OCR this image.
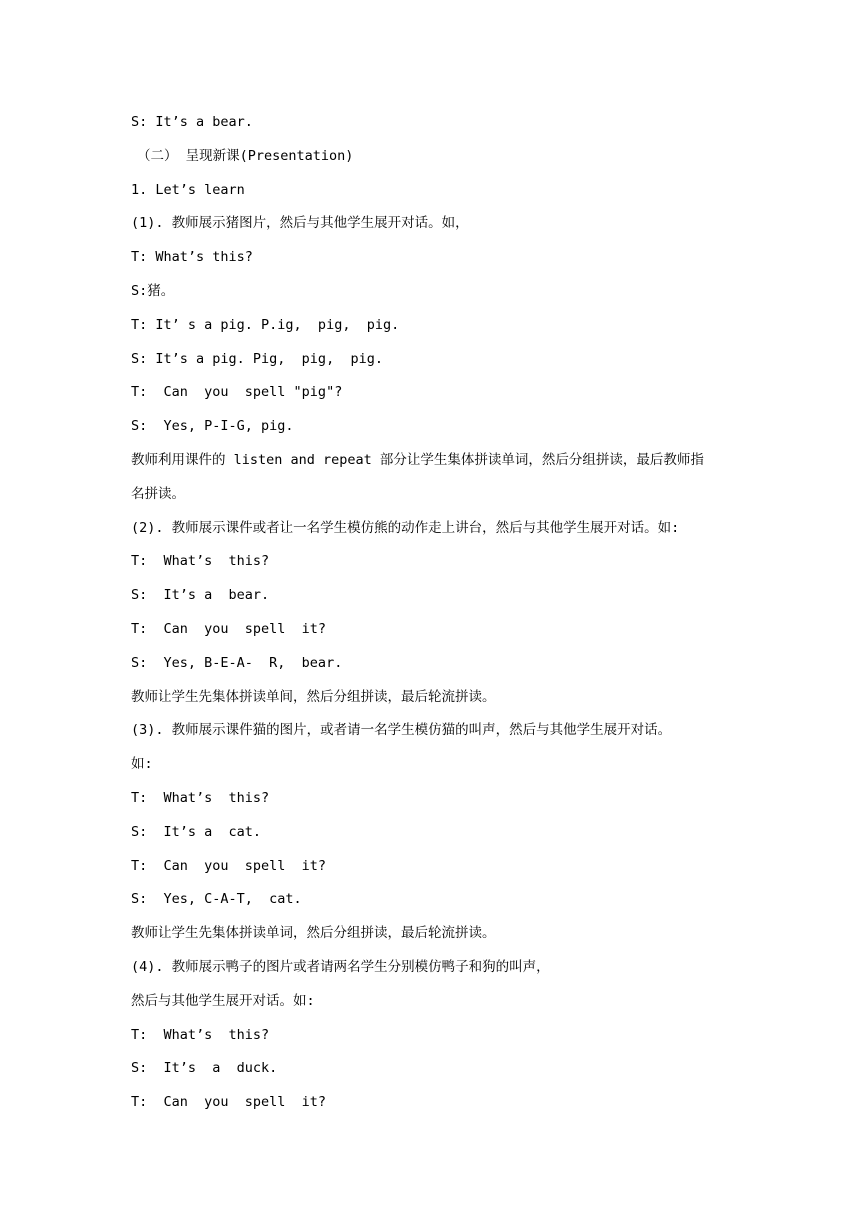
S: It’s a bear.
（二） 呈现新课(Presentation)
1. Let’s learn
(1). 教师展示猪图片，然后与其他学生展开对话。如，
T: What’s this?
S:猪。
T: It’ s a pig. P.ig,  pig,  pig.
S: It’s a pig. Pig,  pig,  pig.
T:  Can  you  spell "pig"?
S:  Yes, P-I-G, pig.
教师利用课件的 listen and repeat 部分让学生集体拼读单词，然后分组拼读，最后教师指
名拼读。
(2). 教师展示课件或者让一名学生模仿熊的动作走上讲台，然后与其他学生展开对话。如:
T:  What’s  this?
S:  It’s a  bear.
T:  Can  you  spell  it?
S:  Yes, B-E-A-  R,  bear.
教师让学生先集体拼读单间，然后分组拼读，最后轮流拼读。
(3). 教师展示课件猫的图片，或者请一名学生模仿猫的叫声，然后与其他学生展开对话。
如:
T:  What’s  this?
S:  It’s a  cat.
T:  Can  you  spell  it?
S:  Yes, C-A-T,  cat.
教师让学生先集体拼读单词，然后分组拼读，最后轮流拼读。
(4). 教师展示鸭子的图片或者请两名学生分别模仿鸭子和狗的叫声，
然后与其他学生展开对话。如:
T:  What’s  this?
S:  It’s  a  duck.
T:  Can  you  spell  it?
